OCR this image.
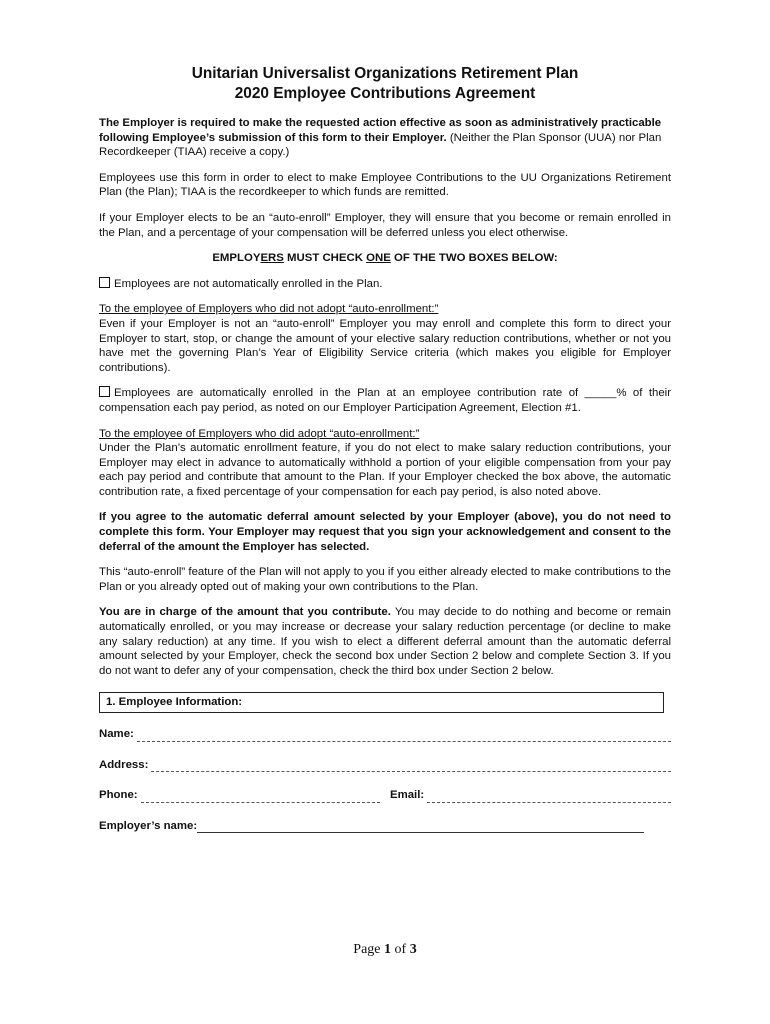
Unitarian Universalist Organizations Retirement Plan
2020 Employee Contributions Agreement

The Employer is required to make the requested action effective as soon as administratively practicable following Employee’s submission of this form to their Employer. (Neither the Plan Sponsor (UUA) nor Plan Recordkeeper (TIAA) receive a copy.)

Employees use this form in order to elect to make Employee Contributions to the UU Organizations Retirement Plan (the Plan); TIAA is the recordkeeper to which funds are remitted.

If your Employer elects to be an “auto-enroll” Employer, they will ensure that you become or remain enrolled in the Plan, and a percentage of your compensation will be deferred unless you elect otherwise.

EMPLOYERS MUST CHECK ONE OF THE TWO BOXES BELOW:

Employees are not automatically enrolled in the Plan.

To the employee of Employers who did not adopt “auto-enrollment:”
Even if your Employer is not an “auto-enroll” Employer you may enroll and complete this form to direct your Employer to start, stop, or change the amount of your elective salary reduction contributions, whether or not you have met the governing Plan’s Year of Eligibility Service criteria (which makes you eligible for Employer contributions).

Employees are automatically enrolled in the Plan at an employee contribution rate of _____% of their compensation each pay period, as noted on our Employer Participation Agreement, Election #1.

To the employee of Employers who did adopt “auto-enrollment:”
Under the Plan’s automatic enrollment feature, if you do not elect to make salary reduction contributions, your Employer may elect in advance to automatically withhold a portion of your eligible compensation from your pay each pay period and contribute that amount to the Plan. If your Employer checked the box above, the automatic contribution rate, a fixed percentage of your compensation for each pay period, is also noted above.

If you agree to the automatic deferral amount selected by your Employer (above), you do not need to complete this form. Your Employer may request that you sign your acknowledgement and consent to the deferral of the amount the Employer has selected.

This “auto-enroll” feature of the Plan will not apply to you if you either already elected to make contributions to the Plan or you already opted out of making your own contributions to the Plan.

You are in charge of the amount that you contribute. You may decide to do nothing and become or remain automatically enrolled, or you may increase or decrease your salary reduction percentage (or decline to make any salary reduction) at any time. If you wish to elect a different deferral amount than the automatic deferral amount selected by your Employer, check the second box under Section 2 below and complete Section 3. If you do not want to defer any of your compensation, check the third box under Section 2 below.

1. Employee Information:
Name:
Address:
Phone:	Email:
Employer’s name:
Page 1 of 3
